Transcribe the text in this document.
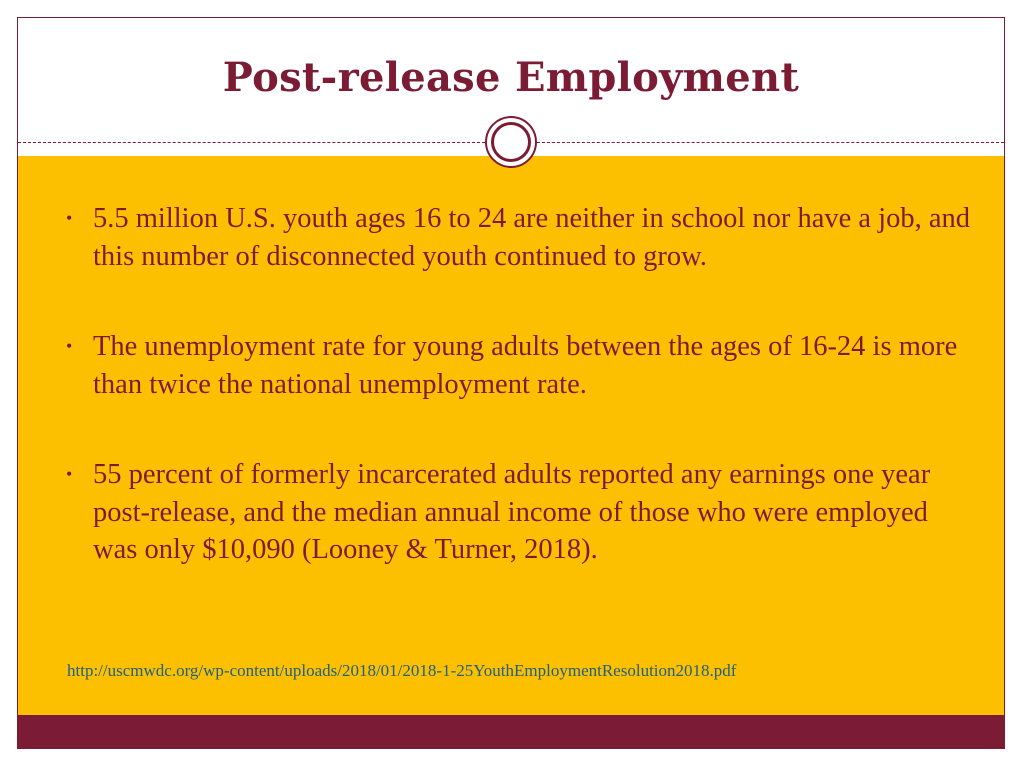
Post-release Employment
• 5.5 million U.S. youth ages 16 to 24 are neither in school nor have a job, and this number of disconnected youth continued to grow.
• The unemployment rate for young adults between the ages of 16-24 is more than twice the national unemployment rate.
• 55 percent of formerly incarcerated adults reported any earnings one year post-release, and the median annual income of those who were employed was only $10,090 (Looney & Turner, 2018).
http://uscmwdc.org/wp-content/uploads/2018/01/2018-1-25YouthEmploymentResolution2018.pdf
